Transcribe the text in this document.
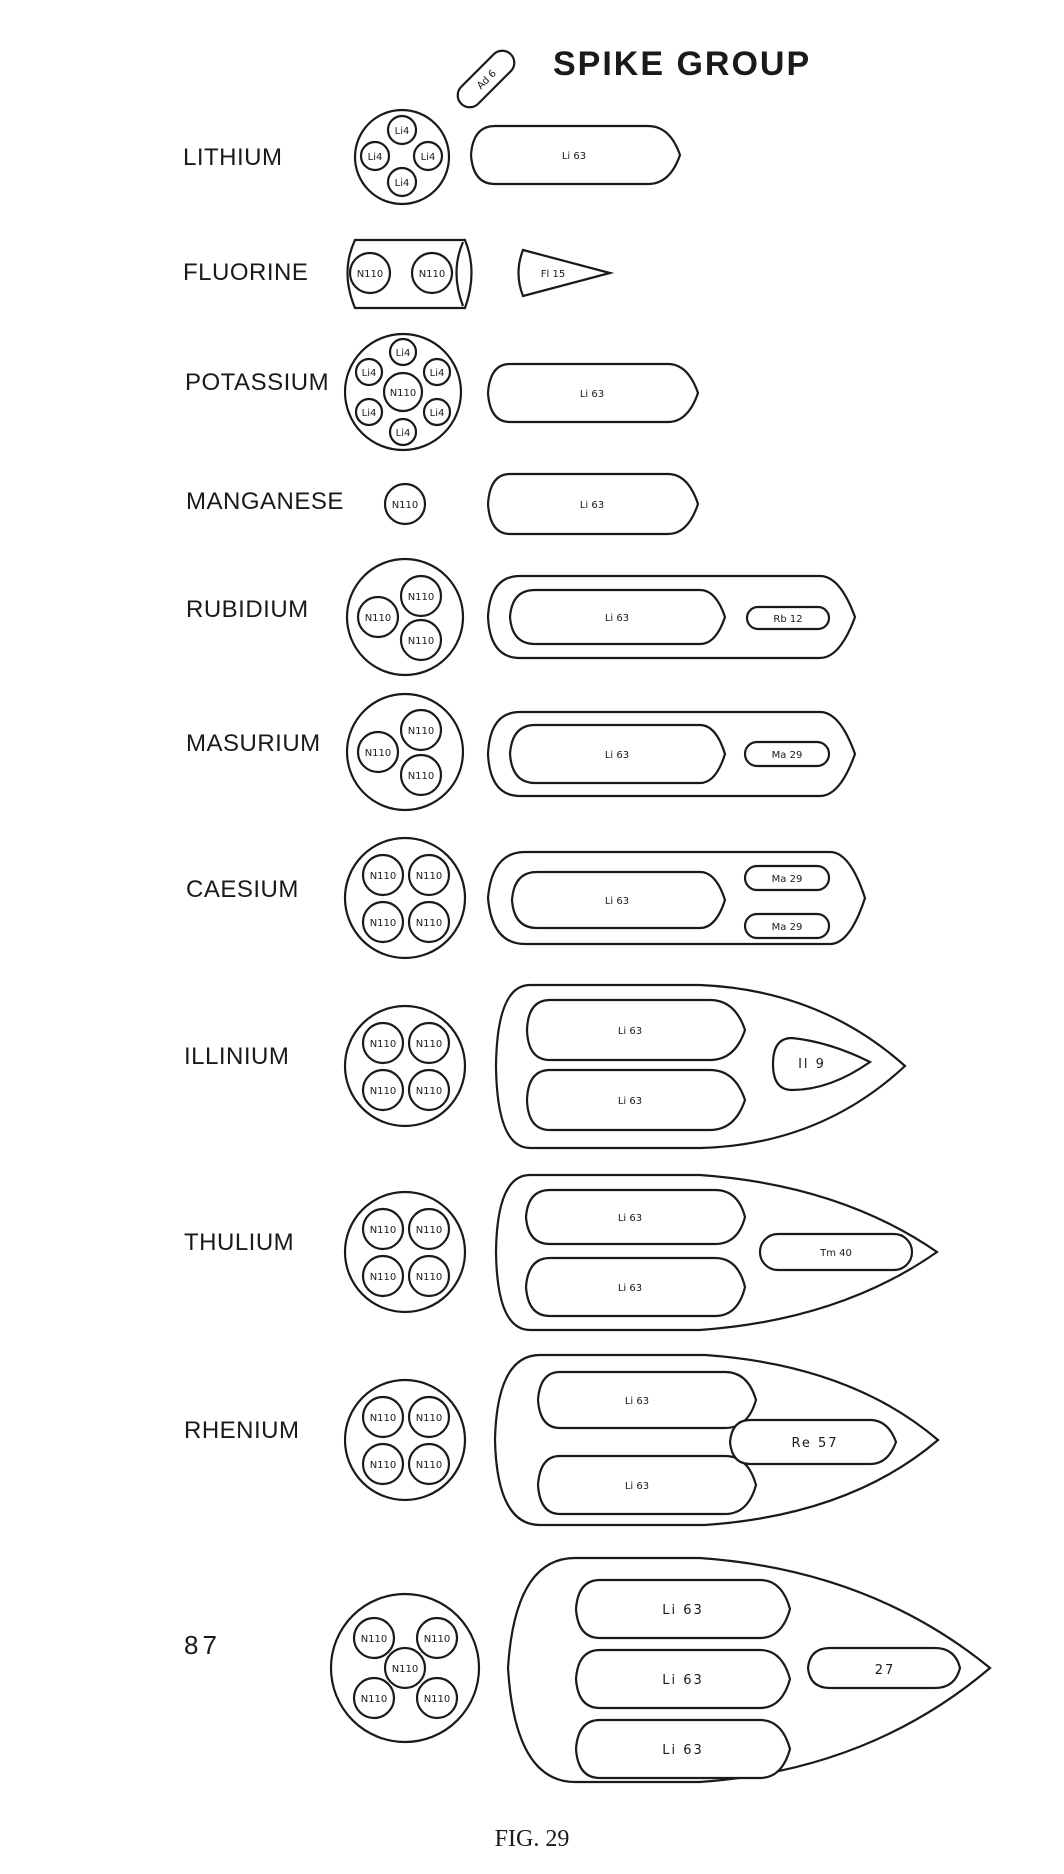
SPIKE GROUP
Ad 6
LITHIUM
FLUORINE
POTASSIUM
MANGANESE
RUBIDIUM
MASURIUM
CAESIUM
ILLINIUM
THULIUM
RHENIUM
87
Li4
Li4	Li4
Li4
Li 63
N110	N110	Fl 15
N110
Li4
Li4
Li4
Li4
Li4
Li4
Li 63
N110	Li 63
N110
N110
N110
Li 63	Rb 12
N110
N110
N110
Li 63	Ma 29
N110 N110
N110 N110
Li 63
Ma 29
Ma 29
N110 N110
N110 N110
Li 63
Li 63
Il 9
N110 N110
N110 N110
Li 63
Li 63
Tm 40
N110 N110
N110 N110
Li 63
Li 63
Re 57
N110
N110	N110
N110	N110
Li 63
Li 63
Li 63
27
FIG. 29
